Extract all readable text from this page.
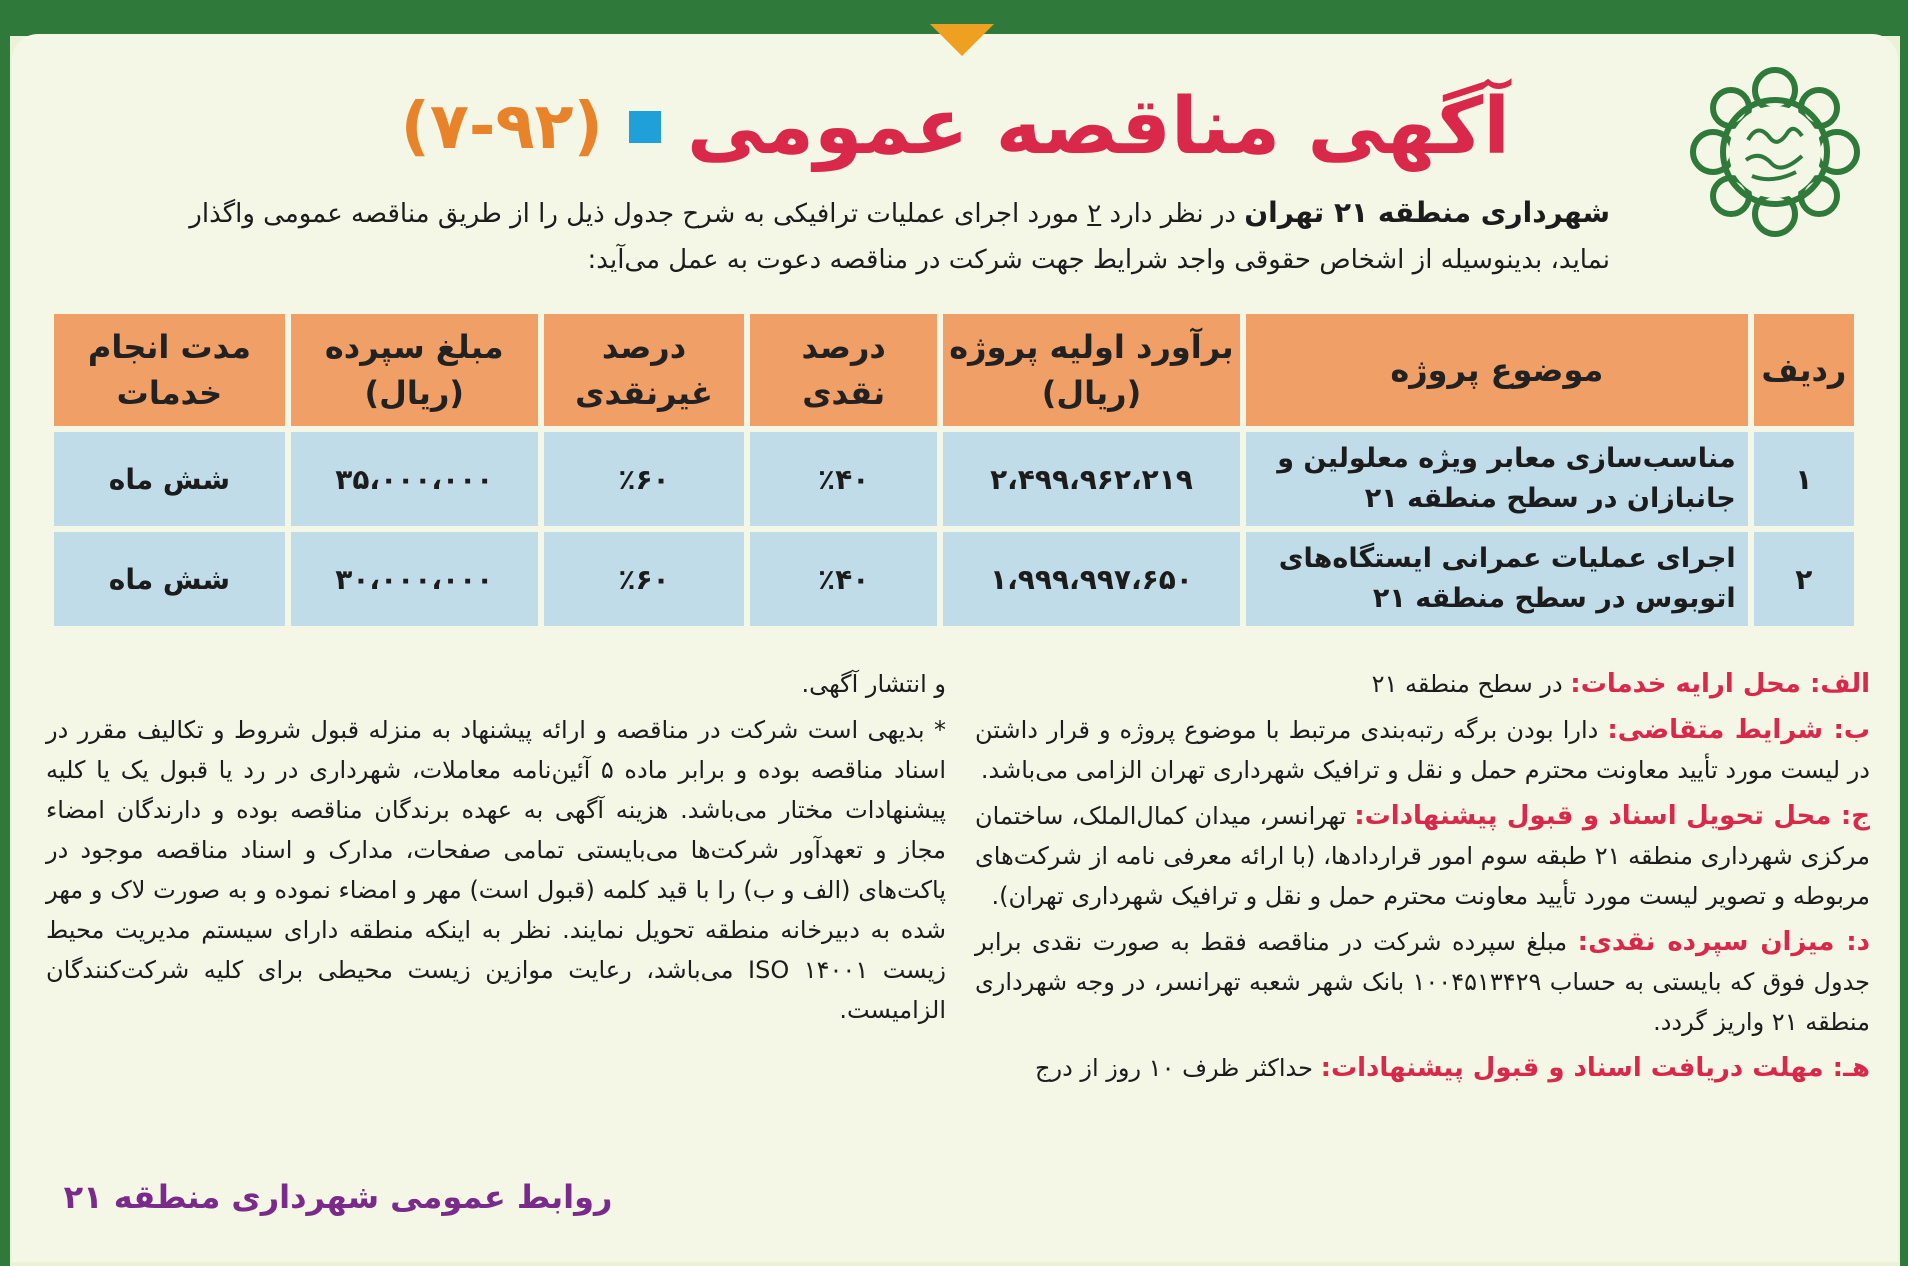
آگهی مناقصه عمومی
(۷-۹۲)
شهرداری منطقه ۲۱ تهران در نظر دارد ۲ مورد اجرای عملیات ترافیکی به شرح جدول ذیل را از طریق مناقصه عمومی واگذار نماید، بدینوسیله از اشخاص حقوقی واجد شرایط جهت شرکت در مناقصه دعوت به عمل می‌آید:
ردیف	موضوع پروژه	برآورد اولیه پروژه (ریال)	درصد نقدی	درصد غیرنقدی	مبلغ سپرده (ریال)	مدت انجام خدمات
۱	مناسب‌سازی معابر ویژه معلولین و جانبازان در سطح منطقه ۲۱	۲،۴۹۹،۹۶۲،۲۱۹	٪۴۰	٪۶۰	۳۵،۰۰۰،۰۰۰	شش ماه
۲	اجرای عملیات عمرانی ایستگاه‌های اتوبوس در سطح منطقه ۲۱	۱،۹۹۹،۹۹۷،۶۵۰	٪۴۰	٪۶۰	۳۰،۰۰۰،۰۰۰	شش ماه

الف: محل ارایه خدمات: در سطح منطقه ۲۱

ب: شرایط متقاضی: دارا بودن برگه رتبه‌بندی مرتبط با موضوع پروژه و قرار داشتن در لیست مورد تأیید معاونت محترم حمل و نقل و ترافیک شهرداری تهران الزامی می‌باشد.

ج: محل تحویل اسناد و قبول پیشنهادات: تهرانسر، میدان کمال‌الملک، ساختمان مرکزی شهرداری منطقه ۲۱ طبقه سوم امور قراردادها، (با ارائه معرفی نامه از شرکت‌های مربوطه و تصویر لیست مورد تأیید معاونت محترم حمل و نقل و ترافیک شهرداری تهران).

د: میزان سپرده نقدی: مبلغ سپرده شرکت در مناقصه فقط به صورت نقدی برابر جدول فوق که بایستی به حساب ۱۰۰۴۵۱۳۴۲۹ بانک شهر شعبه تهرانسر، در وجه شهرداری منطقه ۲۱ واریز گردد.

هـ: مهلت دریافت اسناد و قبول پیشنهادات: حداکثر ظرف ۱۰ روز از درج

و انتشار آگهی.

* بدیهی است شرکت در مناقصه و ارائه پیشنهاد به منزله قبول شروط و تکالیف مقرر در اسناد مناقصه بوده و برابر ماده ۵ آئین‌نامه معاملات، شهرداری در رد یا قبول یک یا کلیه پیشنهادات مختار می‌باشد. هزینه آگهی به عهده برندگان مناقصه بوده و دارندگان امضاء مجاز و تعهدآور شرکت‌ها می‌بایستی تمامی صفحات، مدارک و اسناد مناقصه موجود در پاکت‌های (الف و ب) را با قید کلمه (قبول است) مهر و امضاء نموده و به صورت لاک و مهر شده به دبیرخانه منطقه تحویل نمایند. نظر به اینکه منطقه دارای سیستم مدیریت محیط زیست ISO ۱۴۰۰۱ می‌باشد، رعایت موازین زیست محیطی برای کلیه شرکت‌کنندگان الزامیست.

روابط عمومی شهرداری منطقه ۲۱
